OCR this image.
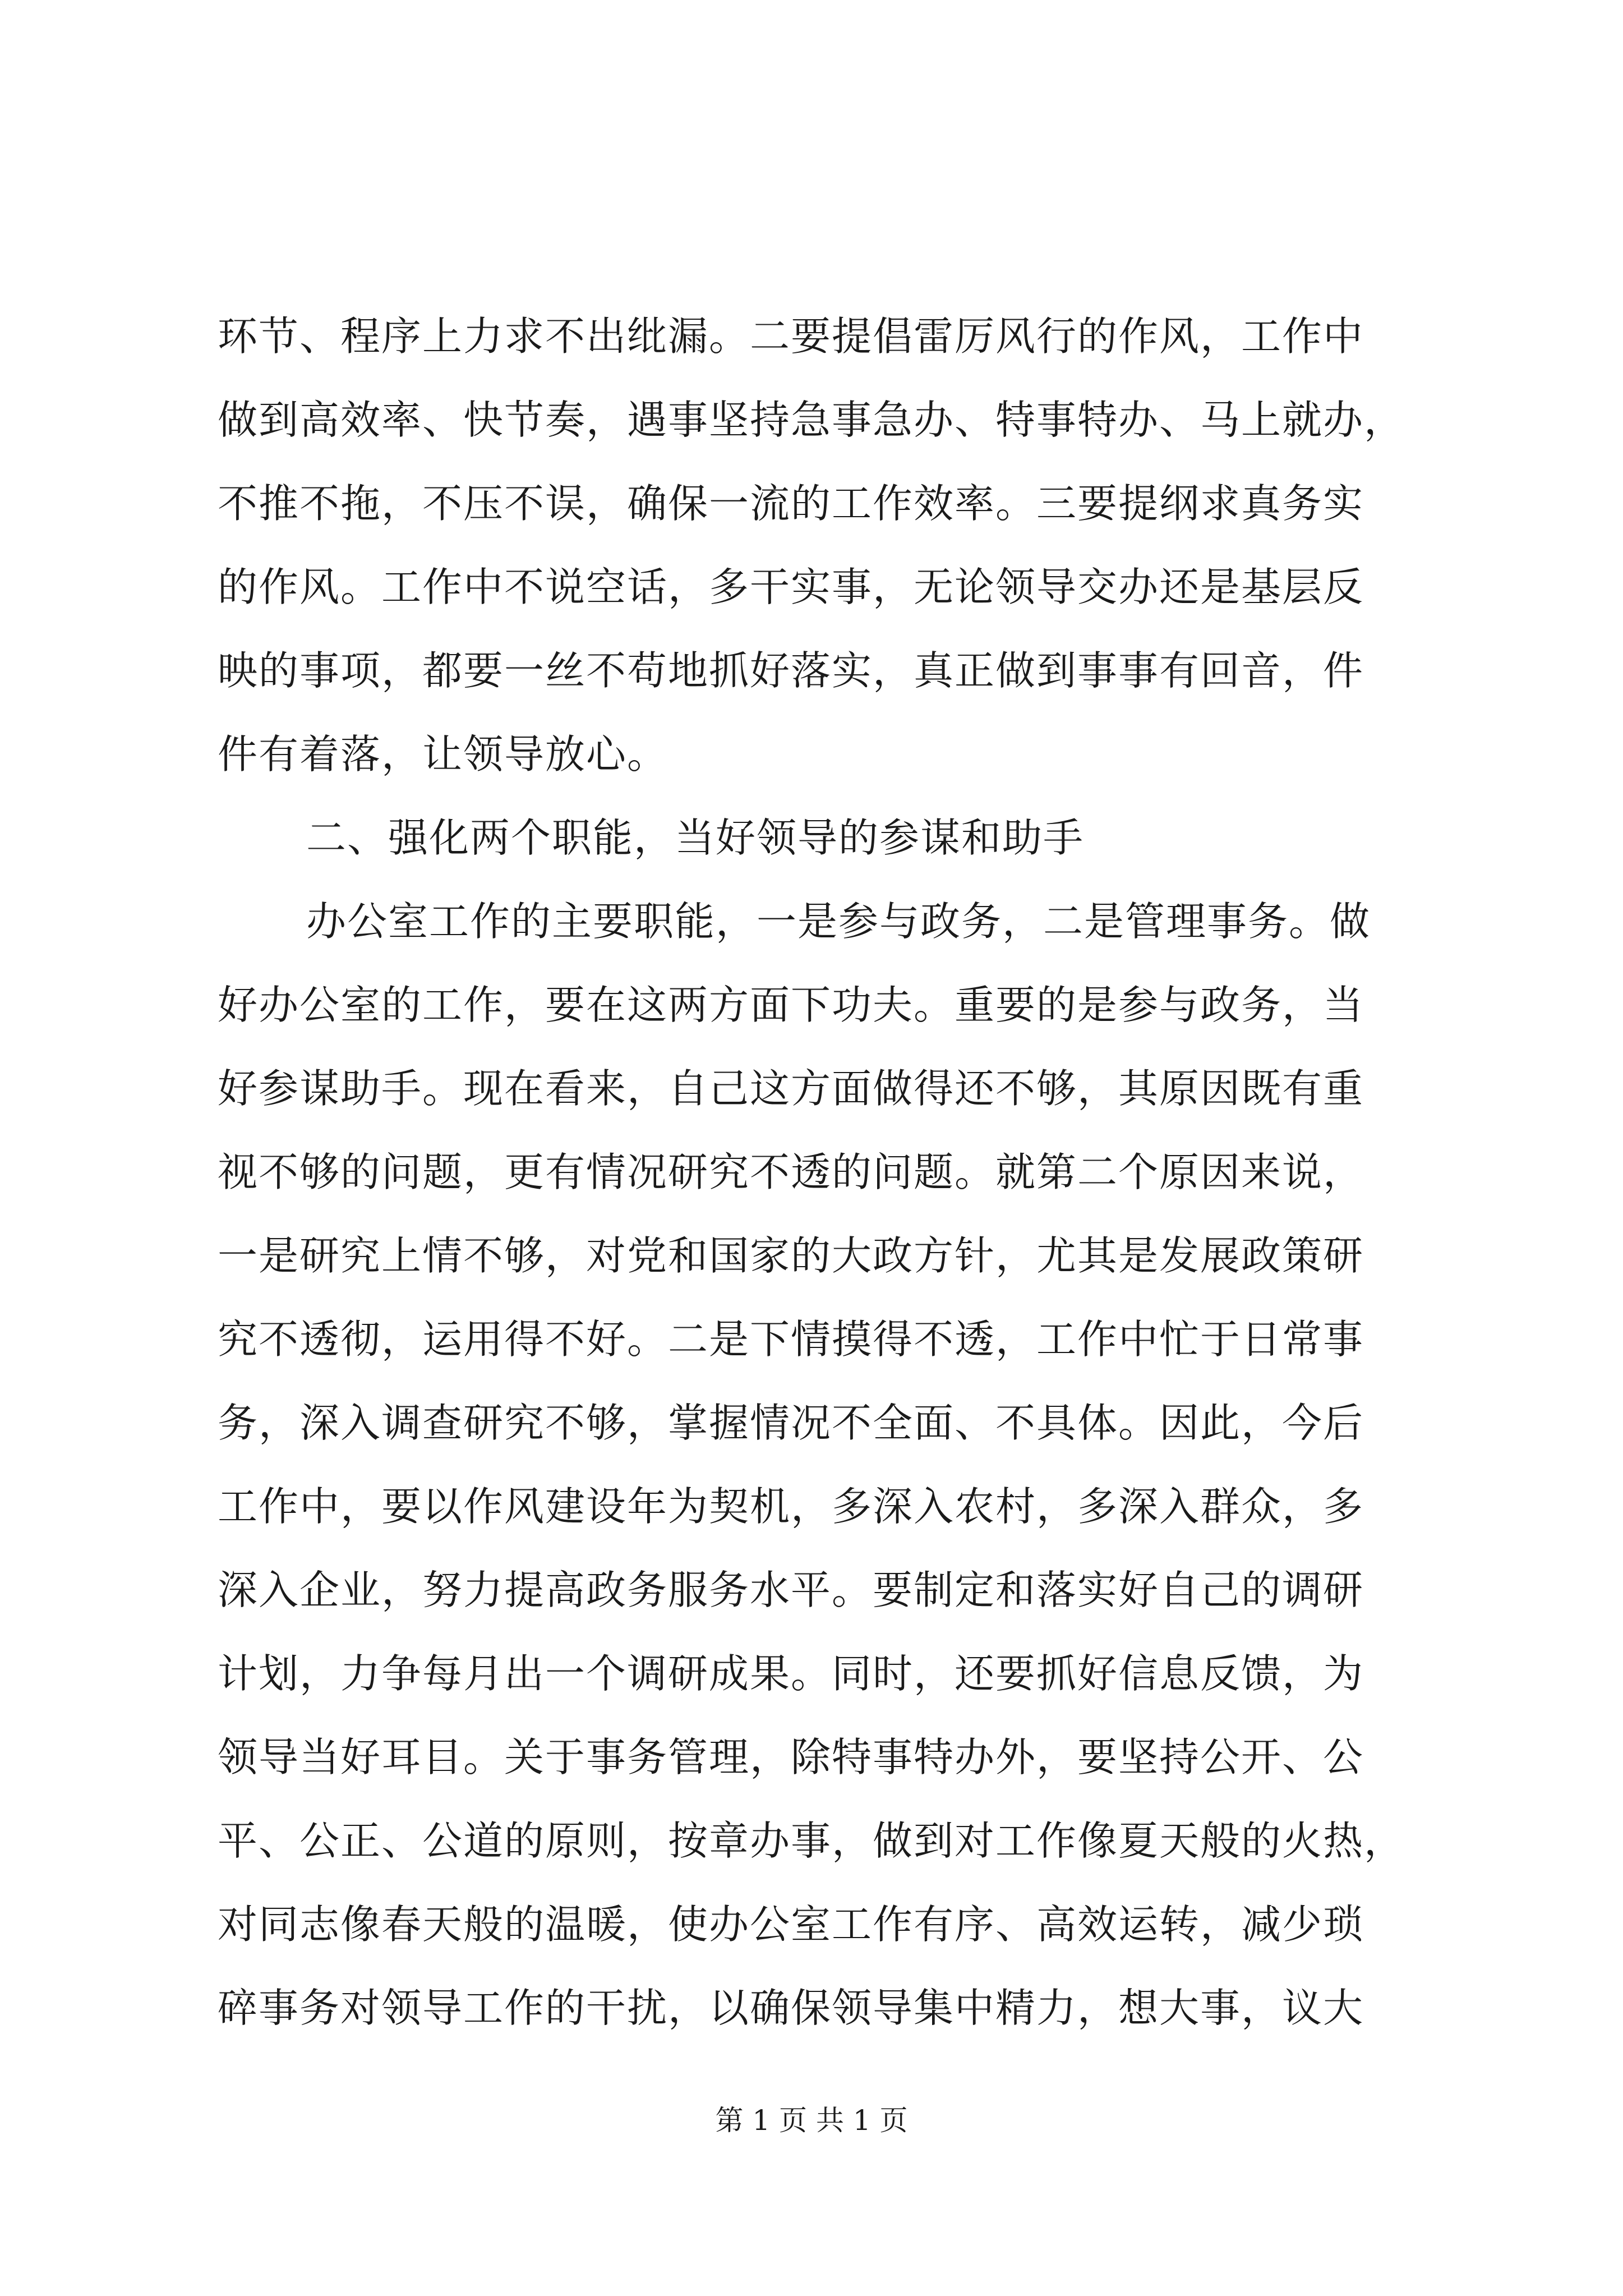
环节、程序上力求不出纰漏。二要提倡雷厉风行的作风，工作中
做到高效率、快节奏，遇事坚持急事急办、特事特办、马上就办，
不推不拖，不压不误，确保一流的工作效率。三要提纲求真务实
的作风。工作中不说空话，多干实事，无论领导交办还是基层反
映的事项，都要一丝不苟地抓好落实，真正做到事事有回音，件
件有着落，让领导放心。
二、强化两个职能，当好领导的参谋和助手
办公室工作的主要职能，一是参与政务，二是管理事务。做
好办公室的工作，要在这两方面下功夫。重要的是参与政务，当
好参谋助手。现在看来，自己这方面做得还不够，其原因既有重
视不够的问题，更有情况研究不透的问题。就第二个原因来说，
一是研究上情不够，对党和国家的大政方针，尤其是发展政策研
究不透彻，运用得不好。二是下情摸得不透，工作中忙于日常事
务，深入调查研究不够，掌握情况不全面、不具体。因此，今后
工作中，要以作风建设年为契机，多深入农村，多深入群众，多
深入企业，努力提高政务服务水平。要制定和落实好自己的调研
计划，力争每月出一个调研成果。同时，还要抓好信息反馈，为
领导当好耳目。关于事务管理，除特事特办外，要坚持公开、公
平、公正、公道的原则，按章办事，做到对工作像夏天般的火热，
对同志像春天般的温暖，使办公室工作有序、高效运转，减少琐
碎事务对领导工作的干扰，以确保领导集中精力，想大事，议大
第 1 页 共 1 页
